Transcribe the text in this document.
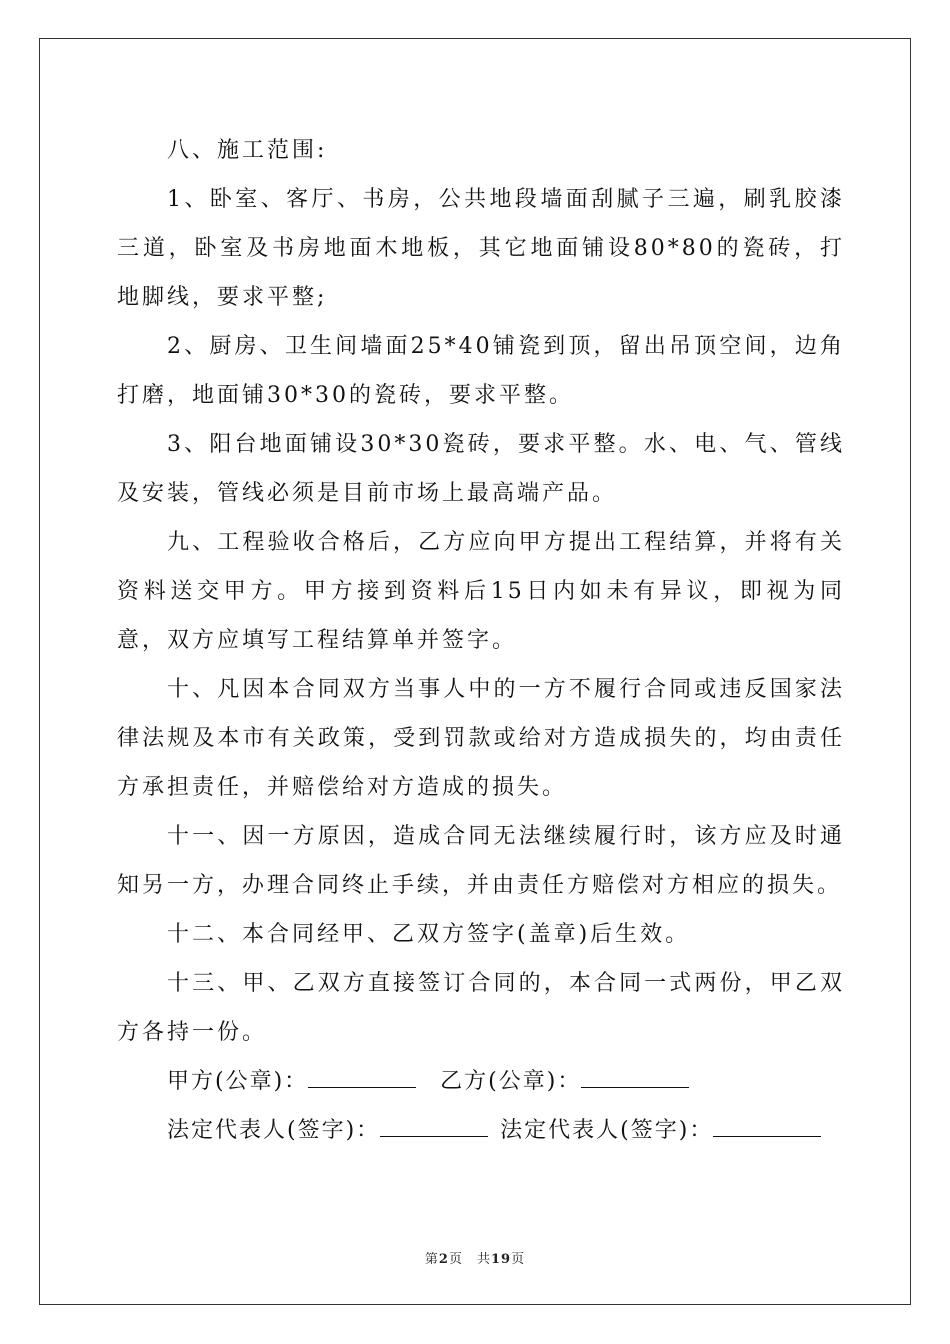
八、施工范围:

1、卧室、客厅、书房，公共地段墙面刮腻子三遍，刷乳胶漆三道，卧室及书房地面木地板，其它地面铺设80*80的瓷砖，打地脚线，要求平整;

2、厨房、卫生间墙面25*40铺瓷到顶，留出吊顶空间，边角打磨，地面铺30*30的瓷砖，要求平整。

3、阳台地面铺设30*30瓷砖，要求平整。水、电、气、管线及安装，管线必须是目前市场上最高端产品。

九、工程验收合格后，乙方应向甲方提出工程结算，并将有关资料送交甲方。甲方接到资料后15日内如未有异议，即视为同意，双方应填写工程结算单并签字。

十、凡因本合同双方当事人中的一方不履行合同或违反国家法律法规及本市有关政策，受到罚款或给对方造成损失的，均由责任方承担责任，并赔偿给对方造成的损失。

十一、因一方原因，造成合同无法继续履行时，该方应及时通知另一方，办理合同终止手续，并由责任方赔偿对方相应的损失。

十二、本合同经甲、乙双方签字(盖章)后生效。

十三、甲、乙双方直接签订合同的，本合同一式两份，甲乙双方各持一份。

甲方(公章)：	乙方(公章)：
法定代表人(签字)：	法定代表人(签字)：
第2页 共19页
